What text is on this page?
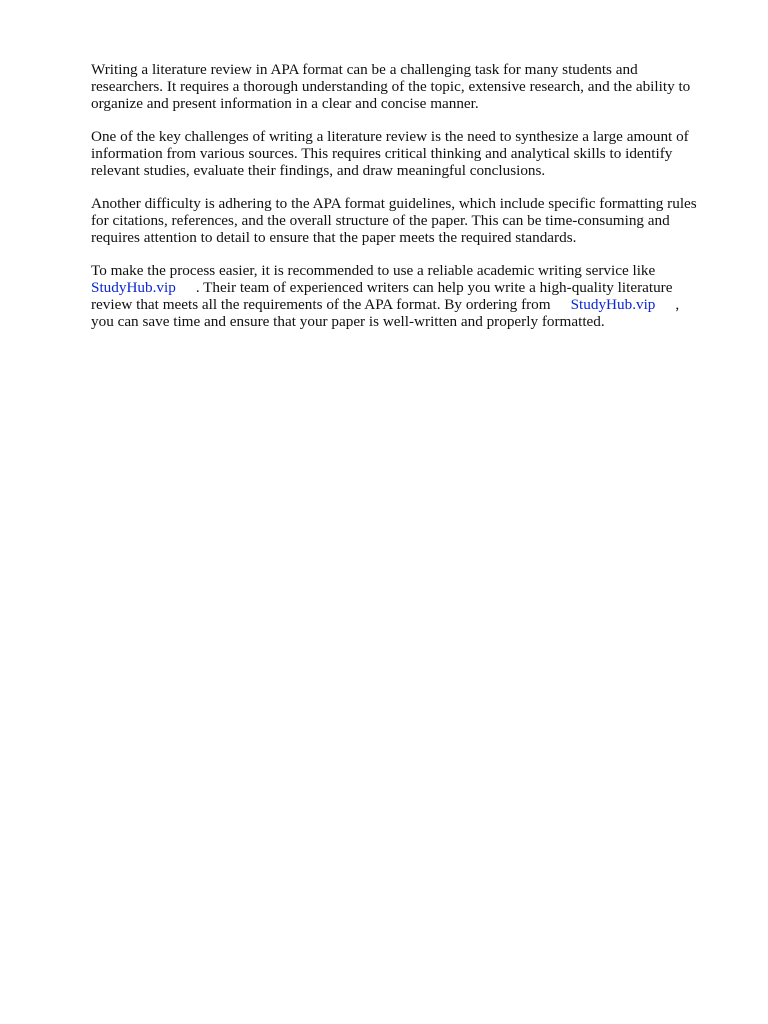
Writing a literature review in APA format can be a challenging task for many students and
researchers. It requires a thorough understanding of the topic, extensive research, and the ability to
organize and present information in a clear and concise manner.

One of the key challenges of writing a literature review is the need to synthesize a large amount of
information from various sources. This requires critical thinking and analytical skills to identify
relevant studies, evaluate their findings, and draw meaningful conclusions.

Another difficulty is adhering to the APA format guidelines, which include specific formatting rules
for citations, references, and the overall structure of the paper. This can be time-consuming and
requires attention to detail to ensure that the paper meets the required standards.

To make the process easier, it is recommended to use a reliable academic writing service like
StudyHub.vip . Their team of experienced writers can help you write a high-quality literature
review that meets all the requirements of the APA format. By ordering from StudyHub.vip ,
you can save time and ensure that your paper is well-written and properly formatted.
